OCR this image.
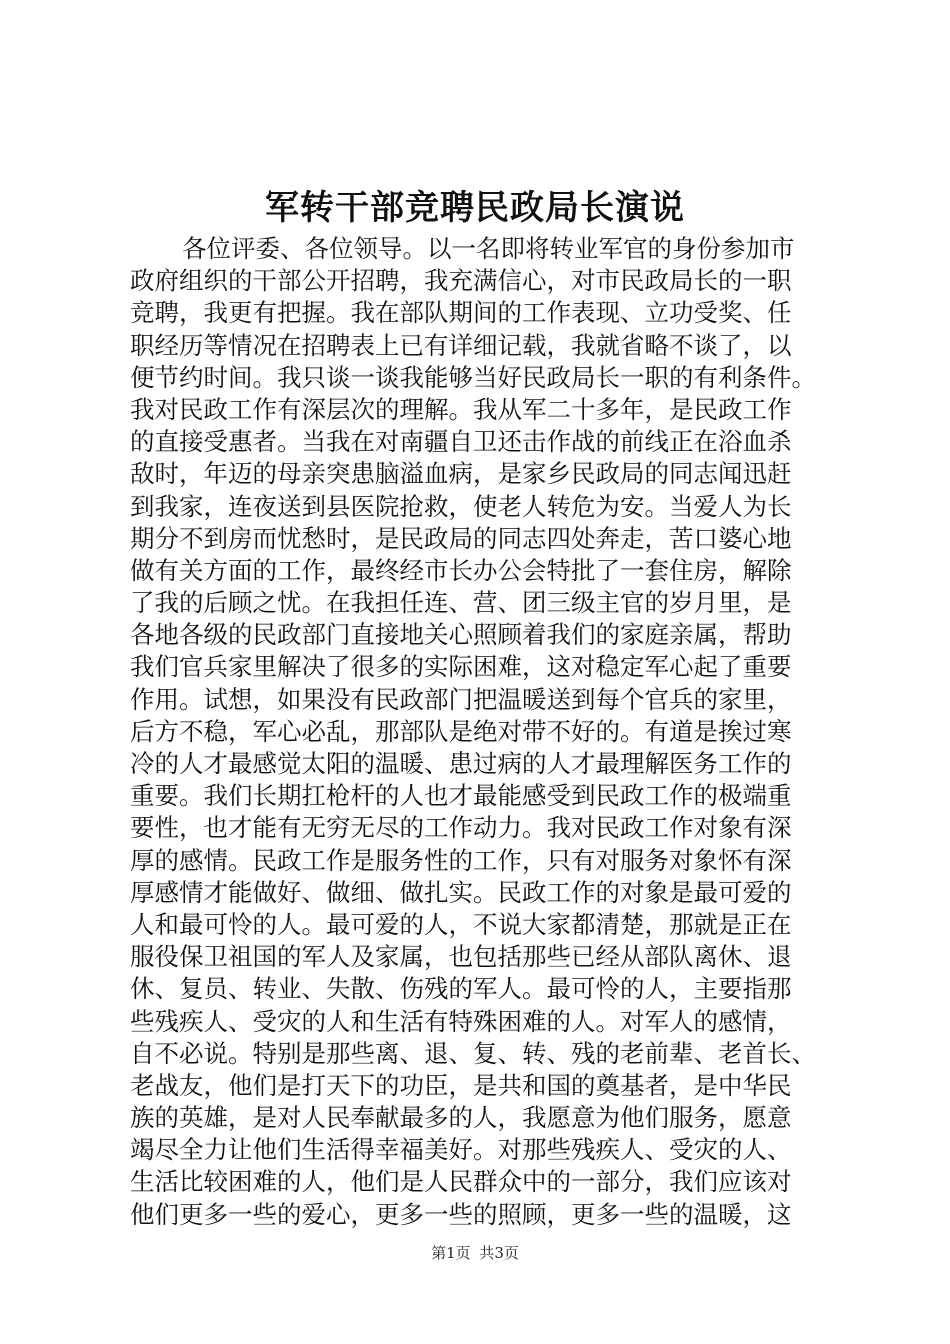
军转干部竞聘民政局长演说
各位评委、各位领导。以一名即将转业军官的身份参加市
政府组织的干部公开招聘，我充满信心，对市民政局长的一职
竞聘，我更有把握。我在部队期间的工作表现、立功受奖、任
职经历等情况在招聘表上已有详细记载，我就省略不谈了，以
便节约时间。我只谈一谈我能够当好民政局长一职的有利条件。
我对民政工作有深层次的理解。我从军二十多年，是民政工作
的直接受惠者。当我在对南疆自卫还击作战的前线正在浴血杀
敌时，年迈的母亲突患脑溢血病，是家乡民政局的同志闻迅赶
到我家，连夜送到县医院抢救，使老人转危为安。当爱人为长
期分不到房而忧愁时，是民政局的同志四处奔走，苦口婆心地
做有关方面的工作，最终经市长办公会特批了一套住房，解除
了我的后顾之忧。在我担任连、营、团三级主官的岁月里，是
各地各级的民政部门直接地关心照顾着我们的家庭亲属，帮助
我们官兵家里解决了很多的实际困难，这对稳定军心起了重要
作用。试想，如果没有民政部门把温暖送到每个官兵的家里，
后方不稳，军心必乱，那部队是绝对带不好的。有道是挨过寒
冷的人才最感觉太阳的温暖、患过病的人才最理解医务工作的
重要。我们长期扛枪杆的人也才最能感受到民政工作的极端重
要性，也才能有无穷无尽的工作动力。我对民政工作对象有深
厚的感情。民政工作是服务性的工作，只有对服务对象怀有深
厚感情才能做好、做细、做扎实。民政工作的对象是最可爱的
人和最可怜的人。最可爱的人，不说大家都清楚，那就是正在
服役保卫祖国的军人及家属，也包括那些已经从部队离休、退
休、复员、转业、失散、伤残的军人。最可怜的人，主要指那
些残疾人、受灾的人和生活有特殊困难的人。对军人的感情，
自不必说。特别是那些离、退、复、转、残的老前辈、老首长、
老战友，他们是打天下的功臣，是共和国的奠基者，是中华民
族的英雄，是对人民奉献最多的人，我愿意为他们服务，愿意
竭尽全力让他们生活得幸福美好。对那些残疾人、受灾的人、
生活比较困难的人，他们是人民群众中的一部分，我们应该对
他们更多一些的爱心，更多一些的照顾，更多一些的温暖，这
第1页 共3页
